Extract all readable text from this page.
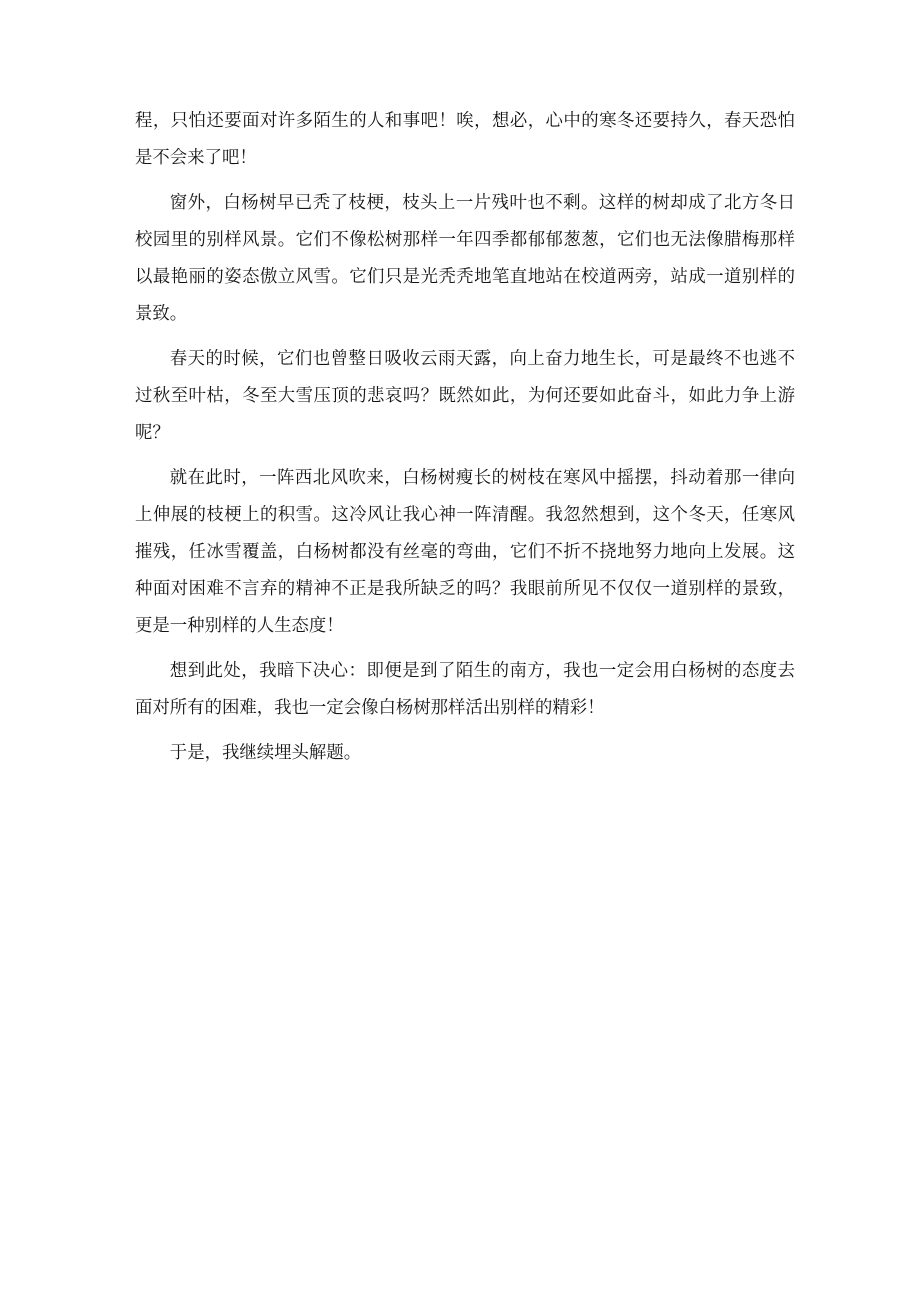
程，只怕还要面对许多陌生的人和事吧！唉，想必，心中的寒冬还要持久，春天恐怕是不会来了吧！

窗外，白杨树早已秃了枝梗，枝头上一片残叶也不剩。这样的树却成了北方冬日校园里的别样风景。它们不像松树那样一年四季都郁郁葱葱，它们也无法像腊梅那样以最艳丽的姿态傲立风雪。它们只是光秃秃地笔直地站在校道两旁，站成一道别样的景致。

春天的时候，它们也曾整日吸收云雨天露，向上奋力地生长，可是最终不也逃不过秋至叶枯，冬至大雪压顶的悲哀吗？既然如此，为何还要如此奋斗，如此力争上游呢？

就在此时，一阵西北风吹来，白杨树瘦长的树枝在寒风中摇摆，抖动着那一律向上伸展的枝梗上的积雪。这冷风让我心神一阵清醒。我忽然想到，这个冬天，任寒风摧残，任冰雪覆盖，白杨树都没有丝毫的弯曲，它们不折不挠地努力地向上发展。这种面对困难不言弃的精神不正是我所缺乏的吗？我眼前所见不仅仅一道别样的景致，更是一种别样的人生态度！

想到此处，我暗下决心：即便是到了陌生的南方，我也一定会用白杨树的态度去面对所有的困难，我也一定会像白杨树那样活出别样的精彩！

于是，我继续埋头解题。
